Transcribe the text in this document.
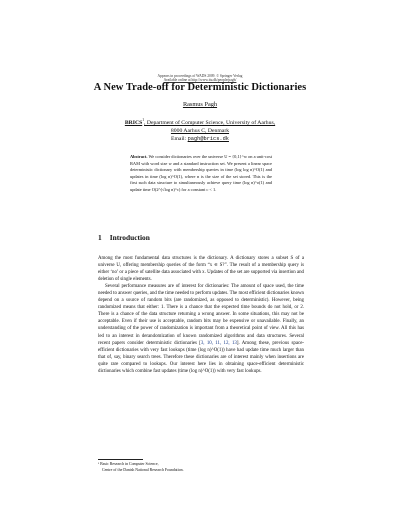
Appears in proceedings of WADS 2009. © Springer Verlag
Available online at http://www.itu.dk/people/pagh/
A New Trade-off for Deterministic Dictionaries
Rasmus Pagh
BRICS$^1$, Department of Computer Science, University of Aarhus,
8000 Aarhus C, Denmark
Email: pagh@brics.dk
Abstract. We consider dictionaries over the universe U = {0,1}^w on a unit-cost RAM with word size w and a standard instruction set. We present a linear space deterministic dictionary with membership queries in time (log log n)^O(1) and updates in time (log n)^O(1), where n is the size of the set stored. This is the first such data structure to simultaneously achieve query time (log n)^o(1) and update time O(2^(√log n)^c) for a constant c < 1.
1 Introduction

Among the most fundamental data structures is the dictionary. A dictionary stores a subset S of a universe U, offering membership queries of the form “x ∈ S?”. The result of a membership query is either ‘no’ or a piece of satellite data associated with x. Updates of the set are supported via insertion and deletion of single elements.

Several performance measures are of interest for dictionaries: The amount of space used, the time needed to answer queries, and the time needed to perform updates. The most efficient dictionaries known depend on a source of random bits (are randomized, as opposed to deterministic). However, being randomized means that either: 1. There is a chance that the expected time bounds do not hold, or 2. There is a chance of the data structure returning a wrong answer. In some situations, this may not be acceptable. Even if their use is acceptable, random bits may be expensive or unavailable. Finally, an understanding of the power of randomization is important from a theoretical point of view. All this has led to an interest in derandomization of known randomized algorithms and data structures. Several recent papers consider deterministic dictionaries [3, 10, 11, 12, 13]. Among these, previous space-efficient dictionaries with very fast lookups (time (log n)^O(1)) have had update time much larger than that of, say, binary search trees. Therefore these dictionaries are of interest mainly when insertions are quite rare compared to lookups. Our interest here lies in obtaining space-efficient deterministic dictionaries which combine fast updates (time (log n)^O(1)) with very fast lookups.

¹ Basic Research in Computer Science,
Centre of the Danish National Research Foundation.
